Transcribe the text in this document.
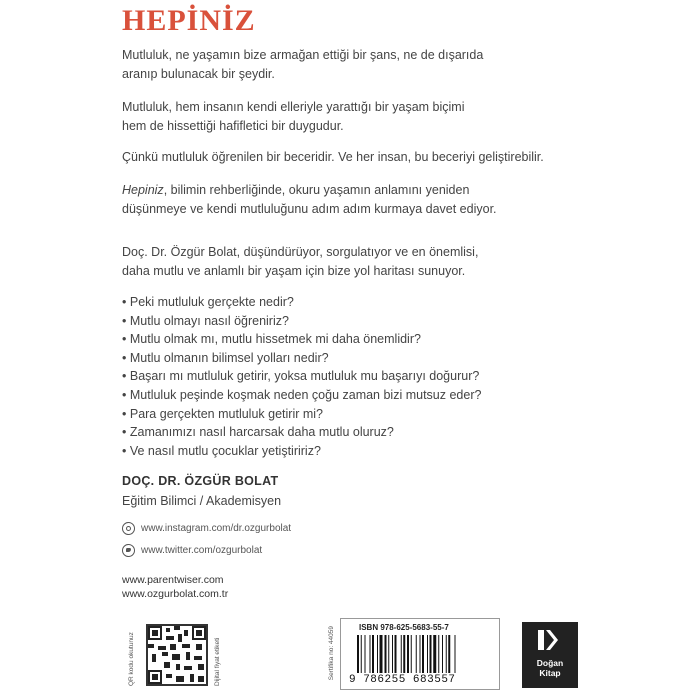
HEPİNİZ
Mutluluk, ne yaşamın bize armağan ettiği bir şans, ne de dışarıda
aranıp bulunacak bir şeydir.
Mutluluk, hem insanın kendi elleriyle yarattığı bir yaşam biçimi
hem de hissettiği hafifletici bir duygudur.
Çünkü mutluluk öğrenilen bir beceridir. Ve her insan, bu beceriyi geliştirebilir.
Hepiniz, bilimin rehberliğinde, okuru yaşamın anlamını yeniden
düşünmeye ve kendi mutluluğunu adım adım kurmaya davet ediyor.
Doç. Dr. Özgür Bolat, düşündürüyor, sorgulatıyor ve en önemlisi,
daha mutlu ve anlamlı bir yaşam için bize yol haritası sunuyor.
• Peki mutluluk gerçekte nedir?
• Mutlu olmayı nasıl öğreniriz?
• Mutlu olmak mı, mutlu hissetmek mi daha önemlidir?
• Mutlu olmanın bilimsel yolları nedir?
• Başarı mı mutluluk getirir, yoksa mutluluk mu başarıyı doğurur?
• Mutluluk peşinde koşmak neden çoğu zaman bizi mutsuz eder?
• Para gerçekten mutluluk getirir mi?
• Zamanımızı nasıl harcarsak daha mutlu oluruz?
• Ve nasıl mutlu çocuklar yetiştiririz?
DOÇ. DR. ÖZGÜR BOLAT
Eğitim Bilimci / Akademisyen
www.instagram.com/dr.ozgurbolat
www.twitter.com/ozgurbolat
www.parentwiser.com
www.ozgurbolat.com.tr
QR kodu okutunuz	Dijital fiyat etiketi	Sertifika no: 44059	ISBN 978-625-5683-55-7
9 786255 683557
Doğan
Kitap
